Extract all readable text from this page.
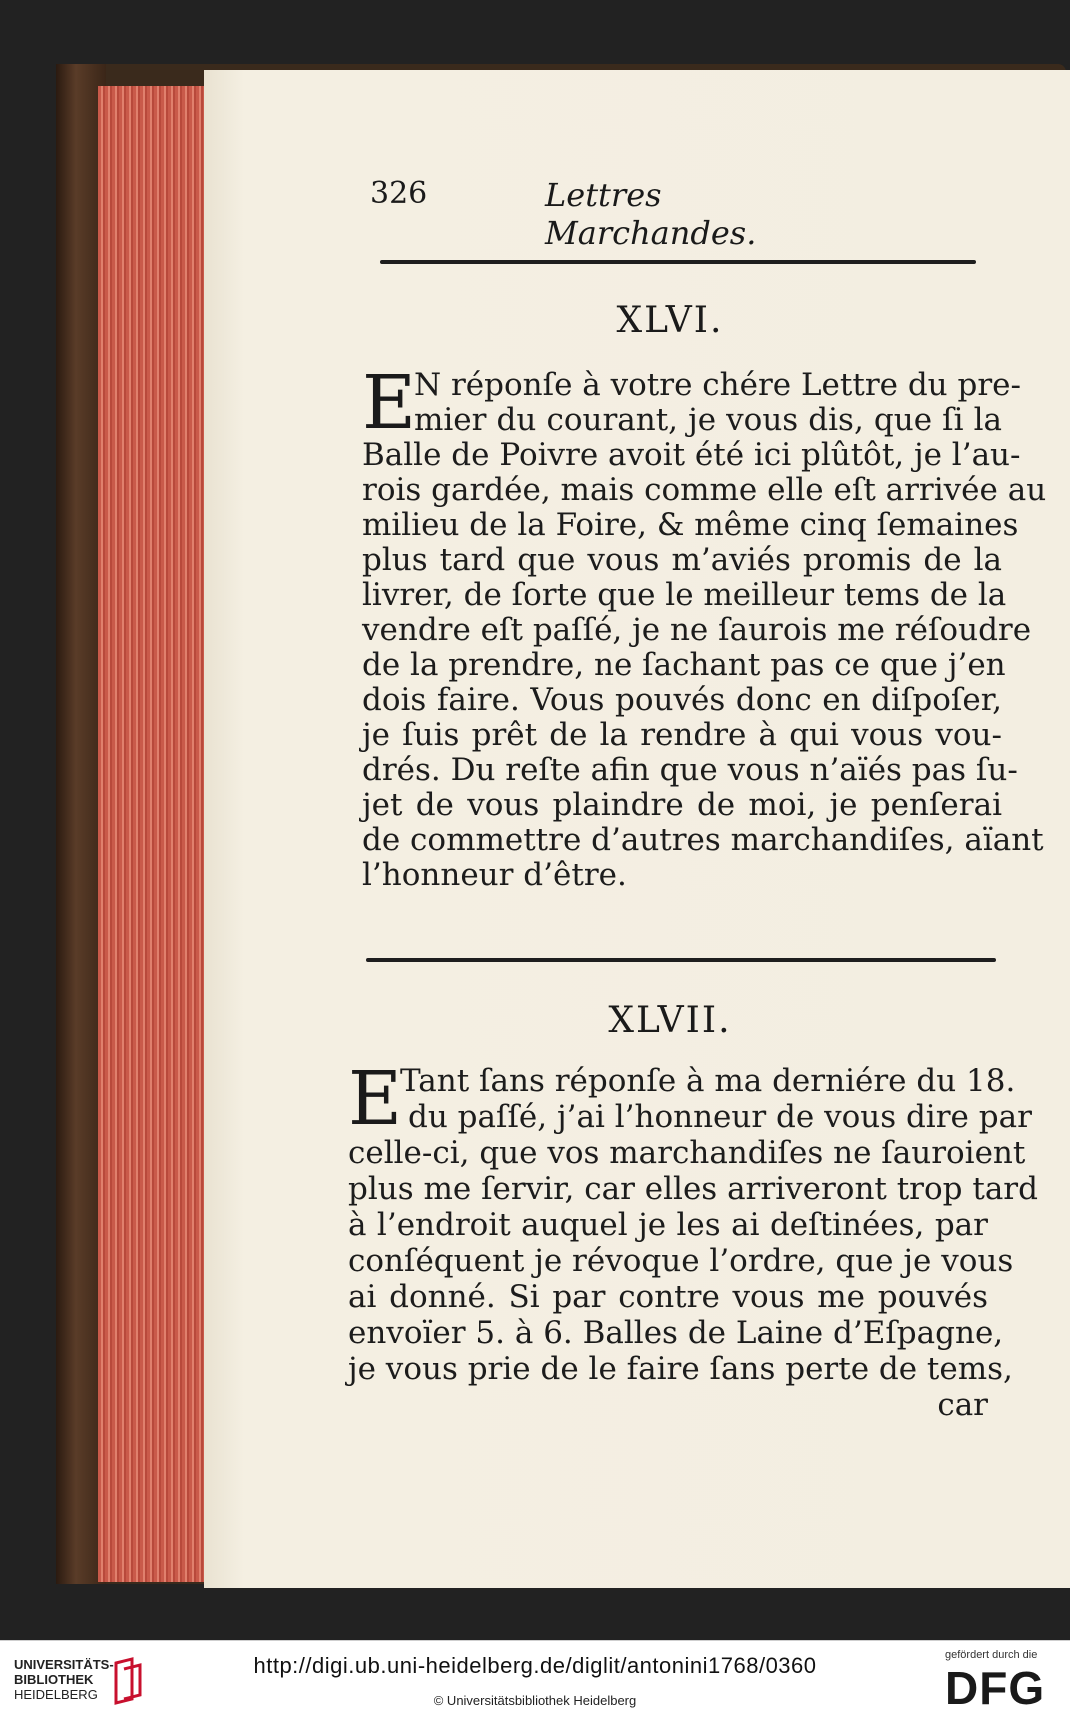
326	Lettres Marchandes.
XLVI.
E
N réponſe à votre chére Lettre du pre-
mier du courant, je vous dis, que ſi la
Balle de Poivre avoit été ici plûtôt, je l’au-
rois gardée, mais comme elle eſt arrivée au
milieu de la Foire, & même cinq ſemaines
plus tard que vous m’aviés promis de la
livrer, de ſorte que le meilleur tems de la
vendre eſt paſſé, je ne ſaurois me réſoudre
de la prendre, ne ſachant pas ce que j’en
dois faire. Vous pouvés donc en diſpoſer,
je ſuis prêt de la rendre à qui vous vou-
drés. Du reſte afin que vous n’aïés pas ſu-
jet de vous plaindre de moi, je penſerai
de commettre d’autres marchandiſes, aïant
l’honneur d’être.
XLVII.
E
Tant ſans réponſe à ma derniére du 18.
du paſſé, j’ai l’honneur de vous dire par
celle-ci, que vos marchandiſes ne ſauroient
plus me ſervir, car elles arriveront trop tard
à l’endroit auquel je les ai deſtinées, par
conſéquent je révoque l’ordre, que je vous
ai donné. Si par contre vous me pouvés
envoïer 5. à 6. Balles de Laine d’Eſpagne,
je vous prie de le faire ſans perte de tems,
car
UNIVERSITÄTS-
BIBLIOTHEK
HEIDELBERG
http://digi.ub.uni-heidelberg.de/diglit/antonini1768/0360
© Universitätsbibliothek Heidelberg
gefördert durch die
DFG
